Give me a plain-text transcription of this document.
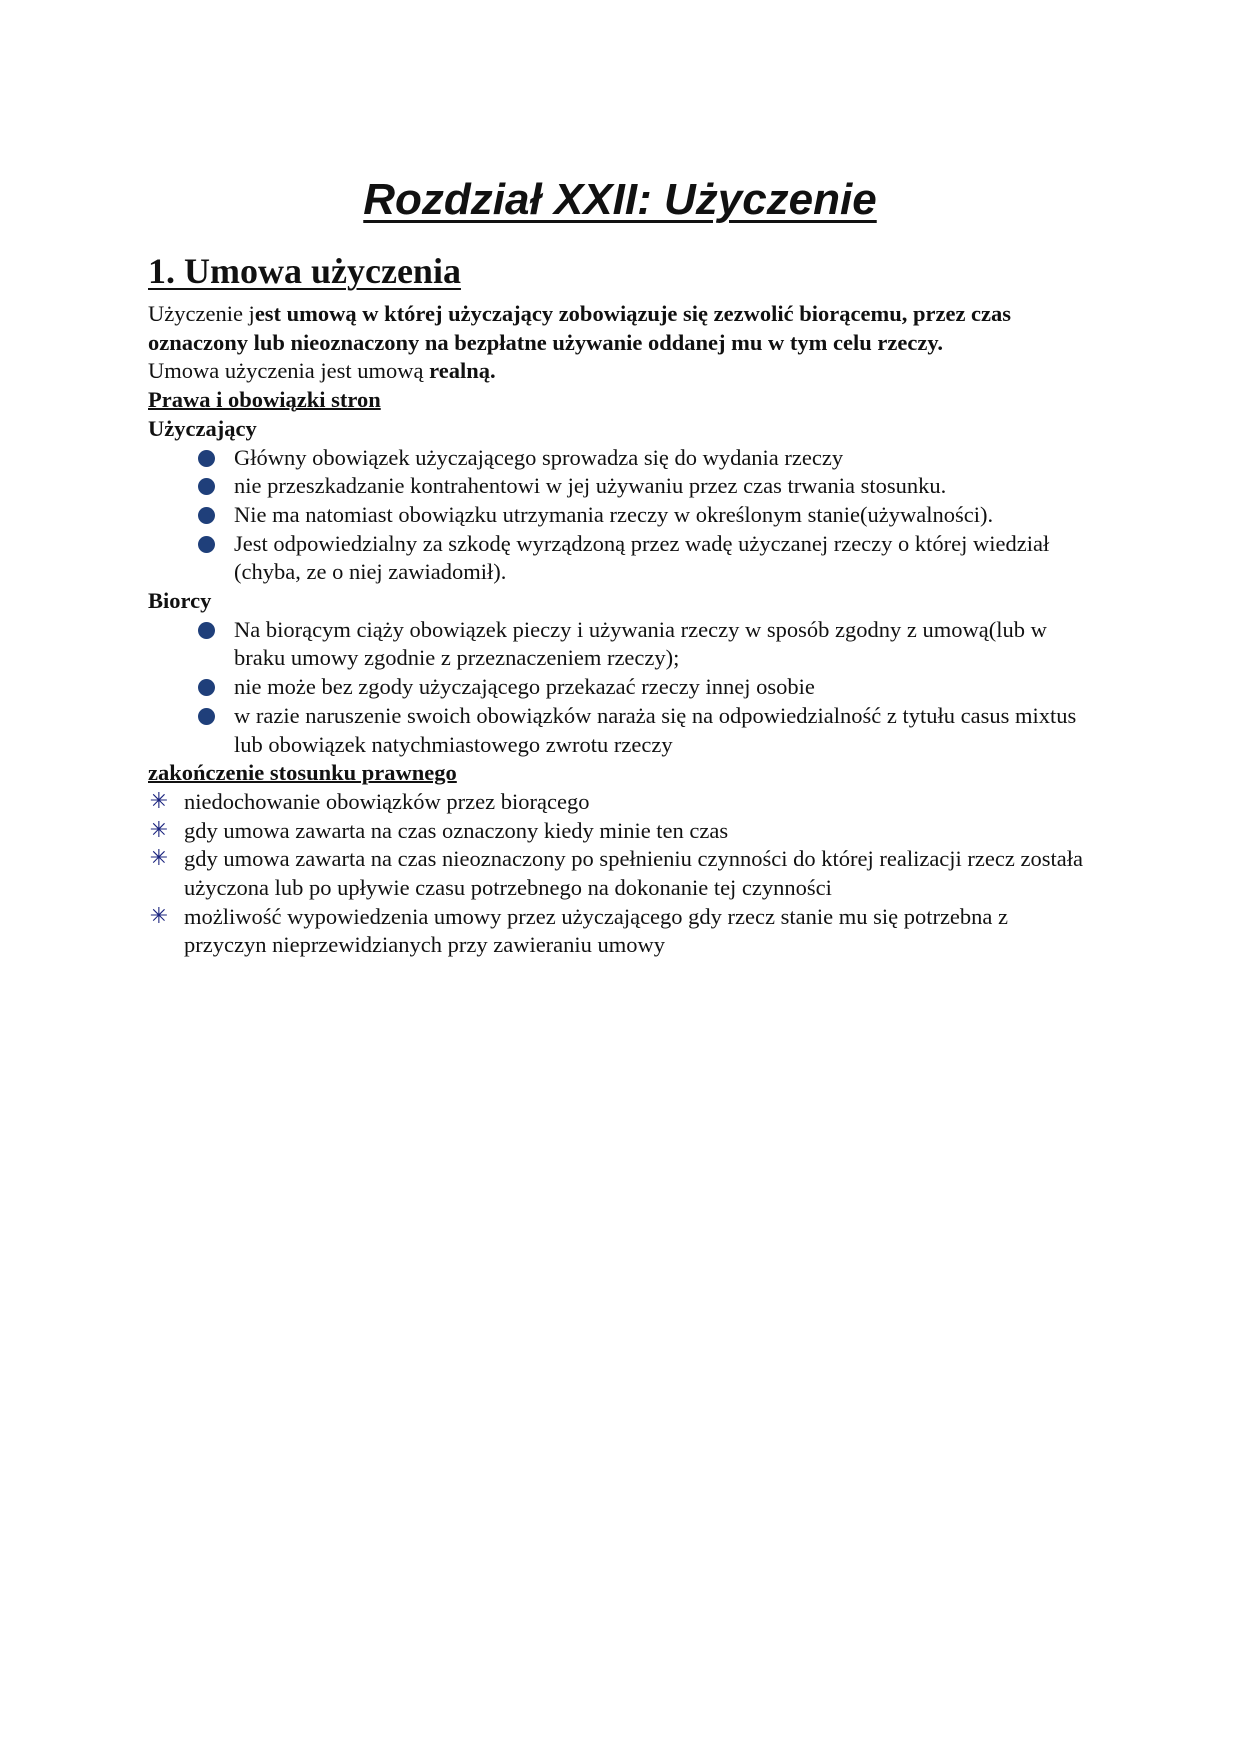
Rozdział XXII: Użyczenie
1. Umowa użyczenia

Użyczenie jest umową w której użyczający zobowiązuje się zezwolić biorącemu, przez czas oznaczony lub nieoznaczony na bezpłatne używanie oddanej mu w tym celu rzeczy.

Umowa użyczenia jest umową realną.

Prawa i obowiązki stron

Użyczający

Główny obowiązek użyczającego sprowadza się do wydania rzeczy
nie przeszkadzanie kontrahentowi w jej używaniu przez czas trwania stosunku.
Nie ma natomiast obowiązku utrzymania rzeczy w określonym stanie(używalności).
Jest odpowiedzialny za szkodę wyrządzoną przez wadę użyczanej rzeczy o której wiedział (chyba, ze o niej zawiadomił).

Biorcy

Na biorącym ciąży obowiązek pieczy i używania rzeczy w sposób zgodny z umową(lub w braku umowy zgodnie z przeznaczeniem rzeczy);
nie może bez zgody użyczającego przekazać rzeczy innej osobie
w razie naruszenie swoich obowiązków naraża się na odpowiedzialność z tytułu casus mixtus lub obowiązek natychmiastowego zwrotu rzeczy

zakończenie stosunku prawnego

✳ niedochowanie obowiązków przez biorącego
✳ gdy umowa zawarta na czas oznaczony kiedy minie ten czas
✳ gdy umowa zawarta na czas nieoznaczony po spełnieniu czynności do której realizacji rzecz została użyczona lub po upływie czasu potrzebnego na dokonanie tej czynności
✳ możliwość wypowiedzenia umowy przez użyczającego gdy rzecz stanie mu się potrzebna z przyczyn nieprzewidzianych przy zawieraniu umowy
